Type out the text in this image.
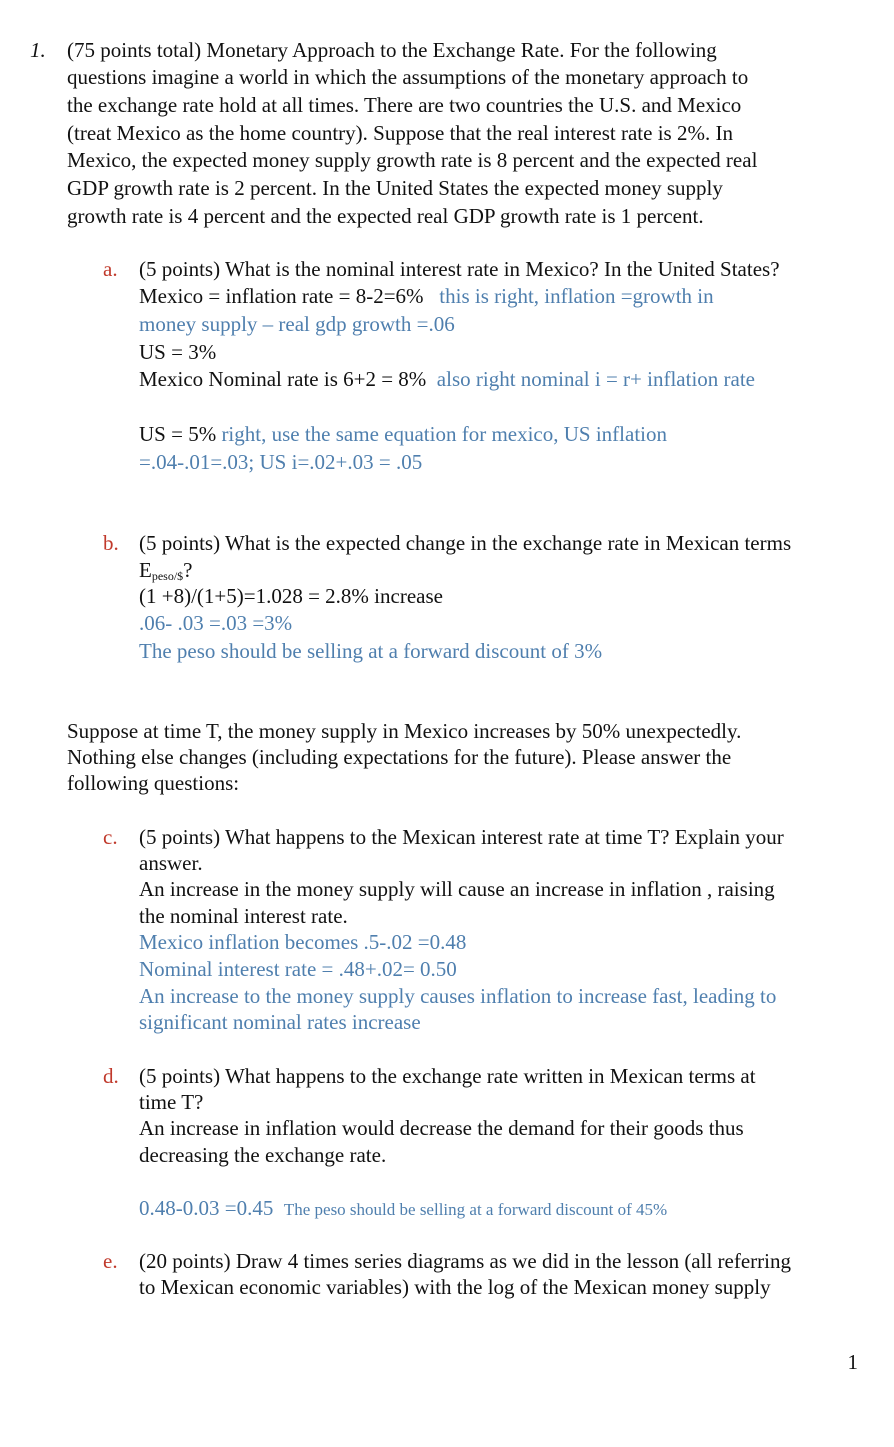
1. (75 points total) Monetary Approach to the Exchange Rate. For the following
questions imagine a world in which the assumptions of the monetary approach to
the exchange rate hold at all times. There are two countries the U.S. and Mexico
(treat Mexico as the home country). Suppose that the real interest rate is 2%. In
Mexico, the expected money supply growth rate is 8 percent and the expected real
GDP growth rate is 2 percent. In the United States the expected money supply
growth rate is 4 percent and the expected real GDP growth rate is 1 percent.
a. (5 points) What is the nominal interest rate in Mexico? In the United States?
Mexico = inflation rate = 8-2=6% this is right, inflation =growth in
money supply – real gdp growth =.06
US = 3%
Mexico Nominal rate is 6+2 = 8% also right nominal i = r+ inflation rate
US = 5% right, use the same equation for mexico, US inflation
=.04-.01=.03; US i=.02+.03 = .05
b. (5 points) What is the expected change in the exchange rate in Mexican terms
$E_{peso/\$}$?
(1 +8)/(1+5)=1.028 = 2.8% increase
.06- .03 =.03 =3%
The peso should be selling at a forward discount of 3%
Suppose at time T, the money supply in Mexico increases by 50% unexpectedly.
Nothing else changes (including expectations for the future). Please answer the
following questions:
c. (5 points) What happens to the Mexican interest rate at time T? Explain your
answer.
An increase in the money supply will cause an increase in inflation , raising
the nominal interest rate.
Mexico inflation becomes .5-.02 =0.48
Nominal interest rate = .48+.02= 0.50
An increase to the money supply causes inflation to increase fast, leading to
significant nominal rates increase
d. (5 points) What happens to the exchange rate written in Mexican terms at
time T?
An increase in inflation would decrease the demand for their goods thus
decreasing the exchange rate.
0.48-0.03 =0.45 The peso should be selling at a forward discount of 45%
e. (20 points) Draw 4 times series diagrams as we did in the lesson (all referring
to Mexican economic variables) with the log of the Mexican money supply
1
